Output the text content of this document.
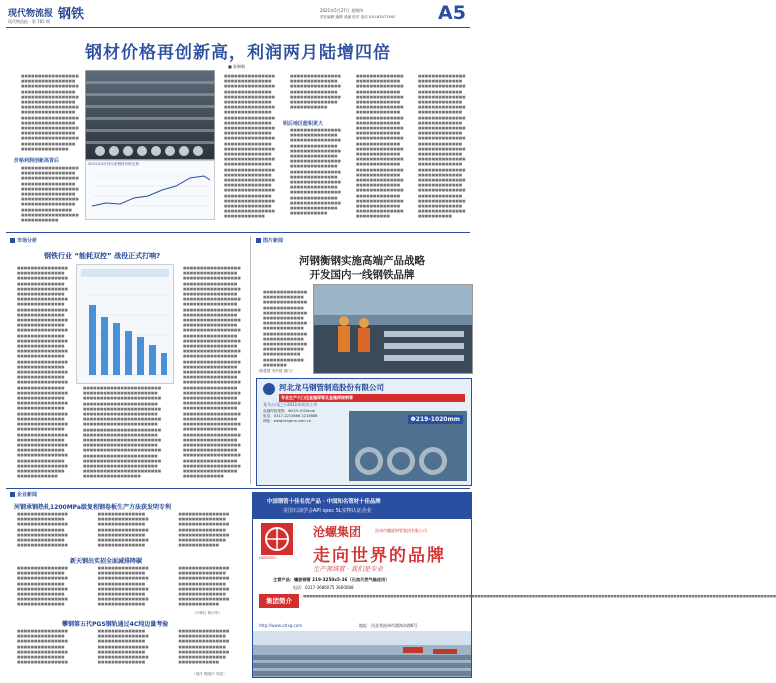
现代物流报
现代物流报 · 第 765 期 钢铁	2021年5月27日 星期四
责任编辑 编辑 美编 校对 电话 010-83577492	A5
钢材价格再创新高，利润两月陆增四倍
■ 陈琳琳

■■■■■■■■■■■■■■■■■

■■■■■■■■■■■■■■■■

■■■■■■■■■■■■■■■■■

■■■■■■■■■■■■■■■■

■■■■■■■■■■■■■■■■■

■■■■■■■■■■■■■■■■

■■■■■■■■■■■■■■■■■

■■■■■■■■■■■■■■■■

■■■■■■■■■■■■■■■■■

■■■■■■■■■■■■■■■■

■■■■■■■■■■■■■■■■■

■■■■■■■■■■■■■■■■

■■■■■■■■■■■■■■■■■

■■■■■■■■■■■■■■■■

■■■■■■■■■■■■■■

价格利润创新高背后

■■■■■■■■■■■■■■■■■

■■■■■■■■■■■■■■■■

■■■■■■■■■■■■■■■■■

■■■■■■■■■■■■■■■■

■■■■■■■■■■■■■■■■■

■■■■■■■■■■■■■■■■

■■■■■■■■■■■■■■■■■

■■■■■■■■■■■■■■■■

■■■■■■■■■■■■■■■

■■■■■■■■■■■■■■■■■

■■■■■■■■■■■

2021年4月份以来钢材价格走势

■■■■■■■■■■■■■■■

■■■■■■■■■■■■■■

■■■■■■■■■■■■■■■

■■■■■■■■■■■■■■

■■■■■■■■■■■■■■■

■■■■■■■■■■■■■■

■■■■■■■■■■■■■■■

■■■■■■■■■■■■■■

■■■■■■■■■■■■■■■

■■■■■■■■■■■■■■

■■■■■■■■■■■■■■■

■■■■■■■■■■■■■■

■■■■■■■■■■■■■■■

■■■■■■■■■■■■■■

■■■■■■■■■■■■■■■

■■■■■■■■■■■■■■

■■■■■■■■■■■■■■■

■■■■■■■■■■■■■■

■■■■■■■■■■■■■■■

■■■■■■■■■■■■■■

■■■■■■■■■■■■■■■

■■■■■■■■■■■■■■

■■■■■■■■■■■■■■■

■■■■■■■■■■■■■■

■■■■■■■■■■■■■■■

■■■■■■■■■■■■■■

■■■■■■■■■■■■■■■

■■■■■■■■■■■■

■■■■■■■■■■■■■■■

■■■■■■■■■■■■■■

■■■■■■■■■■■■■■■

■■■■■■■■■■■■■■

■■■■■■■■■■■■■■■

■■■■■■■■■■■■■■

■■■■■■■■■■■

明后地区能积更大

■■■■■■■■■■■■■■■

■■■■■■■■■■■■■■

■■■■■■■■■■■■■■■

■■■■■■■■■■■■■■

■■■■■■■■■■■■■■■

■■■■■■■■■■■■■■

■■■■■■■■■■■■■■■

■■■■■■■■■■■■■■

■■■■■■■■■■■■■■■

■■■■■■■■■■■■■■

■■■■■■■■■■■■■■■

■■■■■■■■■■■■■■

■■■■■■■■■■■■■■■

■■■■■■■■■■■■■■

■■■■■■■■■■■■■■■

■■■■■■■■■■■■■■

■■■■■■■■■■■

■■■■■■■■■■■■■■

■■■■■■■■■■■■■

■■■■■■■■■■■■■■

■■■■■■■■■■■■■

■■■■■■■■■■■■■■

■■■■■■■■■■■■■

■■■■■■■■■■■■■■

■■■■■■■■■■■■■

■■■■■■■■■■■■■■

■■■■■■■■■■■■■

■■■■■■■■■■■■■■

■■■■■■■■■■■■■

■■■■■■■■■■■■■■

■■■■■■■■■■■■■

■■■■■■■■■■■■■■

■■■■■■■■■■■■■

■■■■■■■■■■■■■■

■■■■■■■■■■■■■

■■■■■■■■■■■■■■

■■■■■■■■■■■■■

■■■■■■■■■■■■■■

■■■■■■■■■■■■■

■■■■■■■■■■■■■■

■■■■■■■■■■■■■

■■■■■■■■■■■■■■

■■■■■■■■■■■■■

■■■■■■■■■■■■■■

■■■■■■■■■■

■■■■■■■■■■■■■■

■■■■■■■■■■■■■

■■■■■■■■■■■■■■

■■■■■■■■■■■■■

■■■■■■■■■■■■■■

■■■■■■■■■■■■■

■■■■■■■■■■■■■■

■■■■■■■■■■■■■

■■■■■■■■■■■■■■

■■■■■■■■■■■■■

■■■■■■■■■■■■■■

■■■■■■■■■■■■■

■■■■■■■■■■■■■■

■■■■■■■■■■■■■

■■■■■■■■■■■■■■

■■■■■■■■■■■■■

■■■■■■■■■■■■■■

■■■■■■■■■■■■■

■■■■■■■■■■■■■■

■■■■■■■■■■■■■

■■■■■■■■■■■■■■

■■■■■■■■■■■■■

■■■■■■■■■■■■■■

■■■■■■■■■■■■■

■■■■■■■■■■■■■■

■■■■■■■■■■■■■

■■■■■■■■■■■■■■

■■■■■■■■■■

市场分析
钢铁行业 “能耗双控” 战役正式打响?

■■■■■■■■■■■■■■■

■■■■■■■■■■■■■■

■■■■■■■■■■■■■■■

■■■■■■■■■■■■■■

■■■■■■■■■■■■■■■

■■■■■■■■■■■■■■

■■■■■■■■■■■■■■■

■■■■■■■■■■■■■■

■■■■■■■■■■■■■■■

■■■■■■■■■■■■■■

■■■■■■■■■■■■■■■

■■■■■■■■■■■■■■

■■■■■■■■■■■■■■■

■■■■■■■■■■■■■■

■■■■■■■■■■■■■■■

■■■■■■■■■■■■■■

■■■■■■■■■■■■■■■

■■■■■■■■■■■■■■

■■■■■■■■■■■■■■■

■■■■■■■■■■■■■■

■■■■■■■■■■■■■■■

■■■■■■■■■■■■■■

■■■■■■■■■■■■■■■

■■■■■■■■■■■■■■

■■■■■■■■■■■■■■■

■■■■■■■■■■■■■■

■■■■■■■■■■■■■■■

■■■■■■■■■■■■■■

■■■■■■■■■■■■■■■

■■■■■■■■■■■■■■

■■■■■■■■■■■■■■■

■■■■■■■■■■■■■■

■■■■■■■■■■■■■■■

■■■■■■■■■■■■■■

■■■■■■■■■■■■■■■

■■■■■■■■■■■■■■

■■■■■■■■■■■■■■■

■■■■■■■■■■■■■■

■■■■■■■■■■■■■■■

■■■■■■■■■■■■■■

■■■■■■■■■■■■

■■■■■■■■■■■■■■■■■■■■■■■

■■■■■■■■■■■■■■■■■■■■■■

■■■■■■■■■■■■■■■■■■■■■■■

■■■■■■■■■■■■■■■■■■■■■■

■■■■■■■■■■■■■■■■■■■■■■■

■■■■■■■■■■■■■■■■■■■■■■

■■■■■■■■■■■■■■■■■■■■■■■

■■■■■■■■■■■■■■■■■■■■■■

■■■■■■■■■■■■■■■■■■■■■■■

■■■■■■■■■■■■■■■■■■■■■■

■■■■■■■■■■■■■■■■■■■■■■■

■■■■■■■■■■■■■■■■■■■■■■

■■■■■■■■■■■■■■■■■■■■■■■

■■■■■■■■■■■■■■■■■■■■■■

■■■■■■■■■■■■■■■■■■■■■■■

■■■■■■■■■■■■■■■■■■■■■■

■■■■■■■■■■■■■■■■■■■■■■■

■■■■■■■■■■■■■■■■■

■■■■■■■■■■■■■■■■■

■■■■■■■■■■■■■■■■

■■■■■■■■■■■■■■■■■

■■■■■■■■■■■■■■■■

■■■■■■■■■■■■■■■■■

■■■■■■■■■■■■■■■■

■■■■■■■■■■■■■■■■■

■■■■■■■■■■■■■■■■

■■■■■■■■■■■■■■■■■

■■■■■■■■■■■■■■■■

■■■■■■■■■■■■■■■■■

■■■■■■■■■■■■■■■■

■■■■■■■■■■■■■■■■■

■■■■■■■■■■■■■■■■

■■■■■■■■■■■■■■■■■

■■■■■■■■■■■■■■■■

■■■■■■■■■■■■■■■■■

■■■■■■■■■■■■■■■■

■■■■■■■■■■■■■■■■■

■■■■■■■■■■■■■■■■

■■■■■■■■■■■■■■■■■

■■■■■■■■■■■■■■■■

■■■■■■■■■■■■■■■■■

■■■■■■■■■■■■■■■■

■■■■■■■■■■■■■■■■■

■■■■■■■■■■■■■■■■

■■■■■■■■■■■■■■■■■

■■■■■■■■■■■■■■■■

■■■■■■■■■■■■■■■■■

■■■■■■■■■■■■■■■■

■■■■■■■■■■■■■■■■■

■■■■■■■■■■■■■■■■

■■■■■■■■■■■■■■■■■

■■■■■■■■■■■■■■■■

■■■■■■■■■■■■■■■■■

■■■■■■■■■■■■■■■■

■■■■■■■■■■■■■■■■■

■■■■■■■■■■■■■■■■

■■■■■■■■■■■■■■■■■

■■■■■■■■■■■■■■■■

■■■■■■■■■■■■

图片新闻
河钢衡钢实施高端产品战略
开发国内一线钢铁品牌

■■■■■■■■■■■■■

■■■■■■■■■■■■

■■■■■■■■■■■■■

■■■■■■■■■■■■

■■■■■■■■■■■■■

■■■■■■■■■■■■

■■■■■■■■■■■■■

■■■■■■■■■■■■

■■■■■■■■■■■■■

■■■■■■■■■■■■

■■■■■■■■■■■■■

■■■■■■■■■■■■

■■■■■■■■■■■

■■■■■■■■■■■■

■■■■■■■

（陈慧慧 李洪强 摄/文）
河北龙马钢管制造股份有限公司
专业生产大口径直缝焊管及直缝焊接钢管
龙马公司已于2011年成功上市
直缝焊管规格：Φ219-1020mm
电话：0317-2215666 2215888
网址：www.longma.com.cn	Φ219-1020mm
企业新闻
河钢承钢热轧1200MPa级复相钢卷板生产方法获发明专利

■■■■■■■■■■■■■■■

■■■■■■■■■■■■■■

■■■■■■■■■■■■■■■

■■■■■■■■■■■■■■

■■■■■■■■■■■■■■■

■■■■■■■■■■■■■■

■■■■■■■■■■■■■■■

■■■■■■■■■■■■■■

■■■■■■■■■■■■■■■

■■■■■■■■■■■■■■

■■■■■■■■■■■■■■■

■■■■■■■■■■■■■■

■■■■■■■■■■■■■■■

■■■■■■■■■■■■■■

■■■■■■■■■■■■■■■

■■■■■■■■■■■■■■

■■■■■■■■■■■■■■■

■■■■■■■■■■■■■■

■■■■■■■■■■■■■■■

■■■■■■■■■■■■■■

■■■■■■■■■■■■

新天钢出实招全面减排降碳

■■■■■■■■■■■■■■■

■■■■■■■■■■■■■■

■■■■■■■■■■■■■■■

■■■■■■■■■■■■■■

■■■■■■■■■■■■■■■

■■■■■■■■■■■■■■

■■■■■■■■■■■■■■■

■■■■■■■■■■■■■■

■■■■■■■■■■■■■■■

■■■■■■■■■■■■■■

■■■■■■■■■■■■■■■

■■■■■■■■■■■■■■

■■■■■■■■■■■■■■■

■■■■■■■■■■■■■■

■■■■■■■■■■■■■■■

■■■■■■■■■■■■■■

■■■■■■■■■■■■■■■

■■■■■■■■■■■■■■

■■■■■■■■■■■■■■■

■■■■■■■■■■■■■■

■■■■■■■■■■■■■■■

■■■■■■■■■■■■■■

■■■■■■■■■■■■■■■

■■■■■■■■■■■■

（卢翠红 杨兴华）
攀钢第五代PGS钢轨通过4C纯边量考验

■■■■■■■■■■■■■■■

■■■■■■■■■■■■■■

■■■■■■■■■■■■■■■

■■■■■■■■■■■■■■

■■■■■■■■■■■■■■■

■■■■■■■■■■■■■■

■■■■■■■■■■■■■■■

■■■■■■■■■■■■■■

■■■■■■■■■■■■■■■

■■■■■■■■■■■■■■

■■■■■■■■■■■■■■■

■■■■■■■■■■■■■■

■■■■■■■■■■■■■■■

■■■■■■■■■■■■■■

■■■■■■■■■■■■■■■

■■■■■■■■■■■■■■

■■■■■■■■■■■■■■■

■■■■■■■■■■■■■■

■■■■■■■■■■■■■■■

■■■■■■■■■■■■■■

■■■■■■■■■■■■

（周洋 程刚中 刘佳）
中国钢管十佳名优产品 · 中国知名管材十佳品牌
美国石油学会API spec 5L实物认证企业
HUIZHOU
沧螺集团	沧州市螺旋钢管集团有限公司
走向世界的品牌
生产领域管 · 我们是专业
主营产品：螺旋钢管 219-3250x5-26（石油天然气输送用）
电话：0317-3686075 3660088
集团简介
■■■■■■■■■■■■■■■■■■■■■■■■■■■■■■■■■■■■■■■■■■■■■■■■■■■■■■■■■■■■■■■■■■■■■■■■■■■■■■■■■■■■■■■■■■■■■■■■■■■■■■■■■■■■■■■■■■■■■■■■■■■■■■■■■■■■■■■■■■■■■■■■■■■■■■■■■■■■■
http://www.czlxg.com	地址：河北省沧州市渤海东路6号
